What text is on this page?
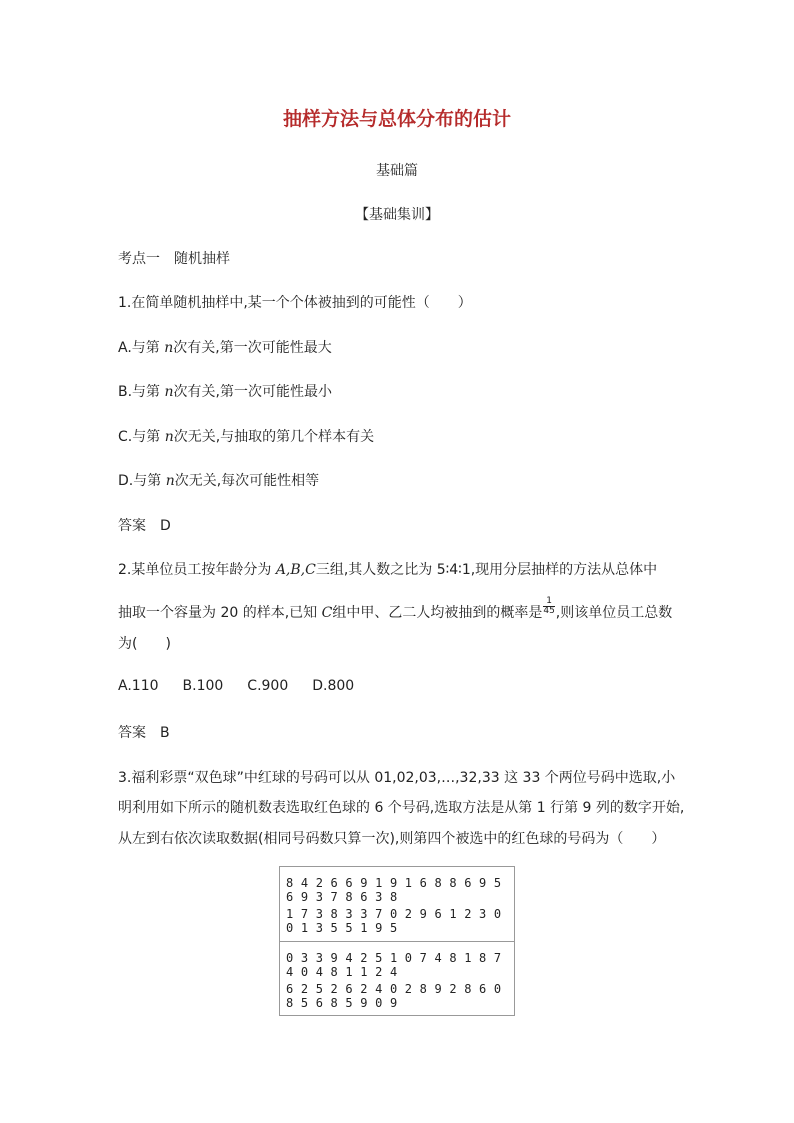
抽样方法与总体分布的估计
基础篇
【基础集训】
考点一　随机抽样
1.在简单随机抽样中,某一个个体被抽到的可能性（　　）
A.与第 n次有关,第一次可能性最大
B.与第 n次有关,第一次可能性最小
C.与第 n次无关,与抽取的第几个样本有关
D.与第 n次无关,每次可能性相等
答案 D
2.某单位员工按年龄分为 A,B,C三组,其人数之比为 5∶4∶1,现用分层抽样的方法从总体中
抽取一个容量为 20 的样本,已知 C组中甲、乙二人均被抽到的概率是 $\frac{1}{45}$ ,则该单位员工总数
为(　　)
A.110 B.100 C.900 D.800
答案 B
3.福利彩票“双色球”中红球的号码可以从 01,02,03,…,32,33 这 33 个两位号码中选取,小
明利用如下所示的随机数表选取红色球的 6 个号码,选取方法是从第 1 行第 9 列的数字开始,
从左到右依次读取数据(相同号码数只算一次),则第四个被选中的红色球的号码为（　　）
8 4 2 6 6 9 1 9 1 6 8 8 6 9 5 6 9 3 7 8 6 3 8
1 7 3 8 3 3 7 0 2 9 6 1 2 3 0 0 1 3 5 5 1 9 5
0 3 3 9 4 2 5 1 0 7 4 8 1 8 7 4 0 4 8 1 1 2 4
6 2 5 2 6 2 4 0 2 8 9 2 8 6 0 8 5 6 8 5 9 0 9
